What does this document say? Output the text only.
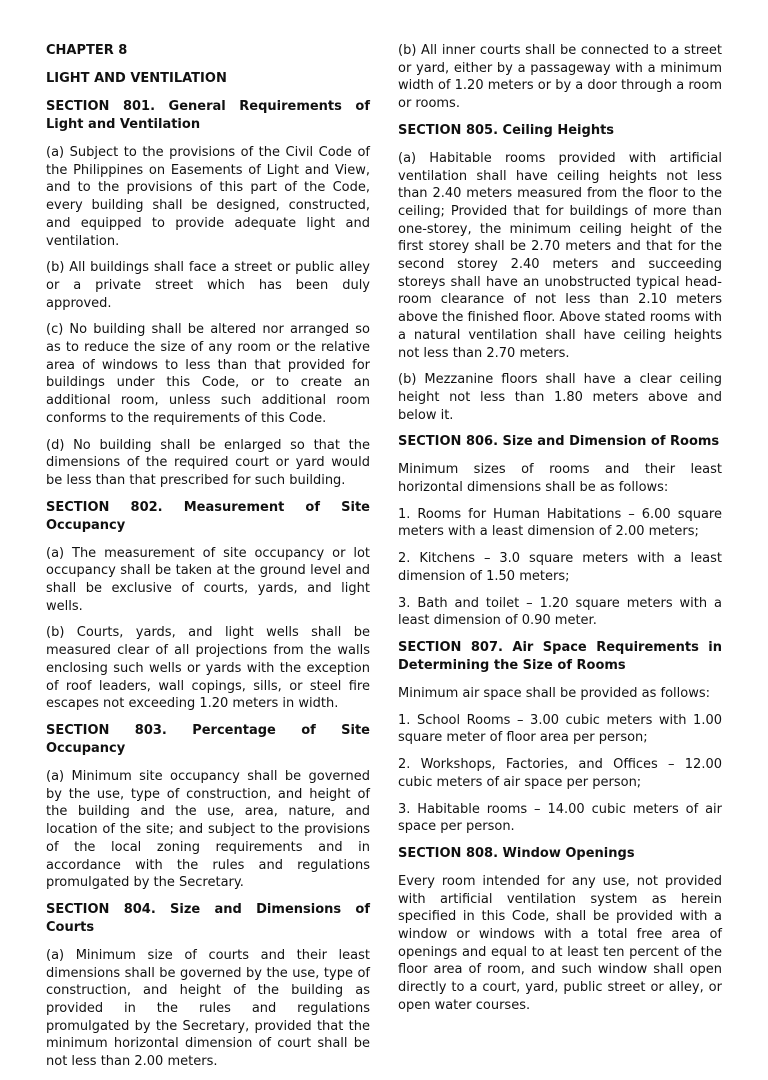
CHAPTER 8
LIGHT AND VENTILATION
SECTION 801. General Requirements of Light and Ventilation

(a) Subject to the provisions of the Civil Code of the Philippines on Easements of Light and View, and to the provisions of this part of the Code, every building shall be designed, constructed, and equipped to provide adequate light and ventilation.

(b) All buildings shall face a street or public alley or a private street which has been duly approved.

(c) No building shall be altered nor arranged so as to reduce the size of any room or the relative area of windows to less than that provided for buildings under this Code, or to create an additional room, unless such additional room conforms to the requirements of this Code.

(d) No building shall be enlarged so that the dimensions of the required court or yard would be less than that prescribed for such building.

SECTION 802. Measurement of Site Occupancy

(a) The measurement of site occupancy or lot occupancy shall be taken at the ground level and shall be exclusive of courts, yards, and light wells.

(b) Courts, yards, and light wells shall be measured clear of all projections from the walls enclosing such wells or yards with the exception of roof leaders, wall copings, sills, or steel fire escapes not exceeding 1.20 meters in width.

SECTION 803. Percentage of Site Occupancy

(a) Minimum site occupancy shall be governed by the use, type of construction, and height of the building and the use, area, nature, and location of the site; and subject to the provisions of the local zoning requirements and in accordance with the rules and regulations promulgated by the Secretary.

SECTION 804. Size and Dimensions of Courts

(a) Minimum size of courts and their least dimensions shall be governed by the use, type of construction, and height of the building as provided in the rules and regulations promulgated by the Secretary, provided that the minimum horizontal dimension of court shall be not less than 2.00 meters.

(b) All inner courts shall be connected to a street or yard, either by a passageway with a minimum width of 1.20 meters or by a door through a room or rooms.

SECTION 805. Ceiling Heights

(a) Habitable rooms provided with artificial ventilation shall have ceiling heights not less than 2.40 meters measured from the floor to the ceiling; Provided that for buildings of more than one-storey, the minimum ceiling height of the first storey shall be 2.70 meters and that for the second storey 2.40 meters and succeeding storeys shall have an unobstructed typical head-room clearance of not less than 2.10 meters above the finished floor. Above stated rooms with a natural ventilation shall have ceiling heights not less than 2.70 meters.

(b) Mezzanine floors shall have a clear ceiling height not less than 1.80 meters above and below it.

SECTION 806. Size and Dimension of Rooms

Minimum sizes of rooms and their least horizontal dimensions shall be as follows:

1. Rooms for Human Habitations – 6.00 square meters with a least dimension of 2.00 meters;

2. Kitchens – 3.0 square meters with a least dimension of 1.50 meters;

3. Bath and toilet – 1.20 square meters with a least dimension of 0.90 meter.

SECTION 807. Air Space Requirements in Determining the Size of Rooms

Minimum air space shall be provided as follows:

1. School Rooms – 3.00 cubic meters with 1.00 square meter of floor area per person;

2. Workshops, Factories, and Offices – 12.00 cubic meters of air space per person;

3. Habitable rooms – 14.00 cubic meters of air space per person.

SECTION 808. Window Openings

Every room intended for any use, not provided with artificial ventilation system as herein specified in this Code, shall be provided with a window or windows with a total free area of openings and equal to at least ten percent of the floor area of room, and such window shall open directly to a court, yard, public street or alley, or open water courses.
